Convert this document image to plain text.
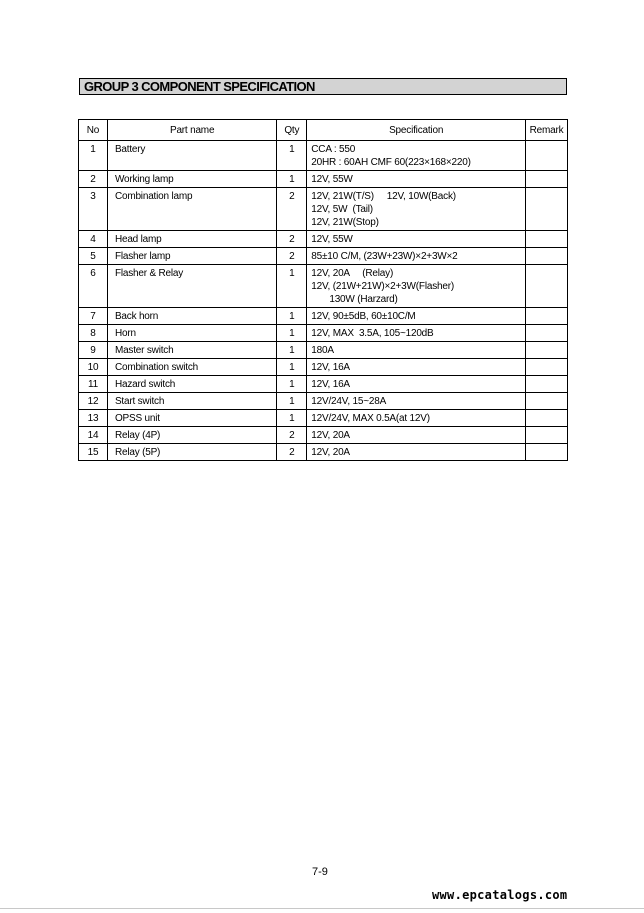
GROUP 3 COMPONENT SPECIFICATION
No	Part name	Qty	Specification	Remark
1	Battery	1	CCA : 550
20HR : 60AH CMF 60(223×168×220)	
2	Working lamp	1	12V, 55W	
3	Combination lamp	2	12V, 21W(T/S)     12V, 10W(Back)
12V, 5W  (Tail)
12V, 21W(Stop)	
4	Head lamp	2	12V, 55W	
5	Flasher lamp	2	85±10 C/M, (23W+23W)×2+3W×2	
6	Flasher & Relay	1	12V, 20A     (Relay)
12V, (21W+21W)×2+3W(Flasher)
130W (Harzard)	
7	Back horn	1	12V, 90±5dB, 60±10C/M	
8	Horn	1	12V, MAX  3.5A, 105~120dB	
9	Master switch	1	180A	
10	Combination switch	1	12V, 16A	
11	Hazard switch	1	12V, 16A	
12	Start switch	1	12V/24V, 15~28A	
13	OPSS unit	1	12V/24V, MAX 0.5A(at 12V)	
14	Relay (4P)	2	12V, 20A	
15	Relay (5P)	2	12V, 20A	
7-9
www.epcatalogs.com
